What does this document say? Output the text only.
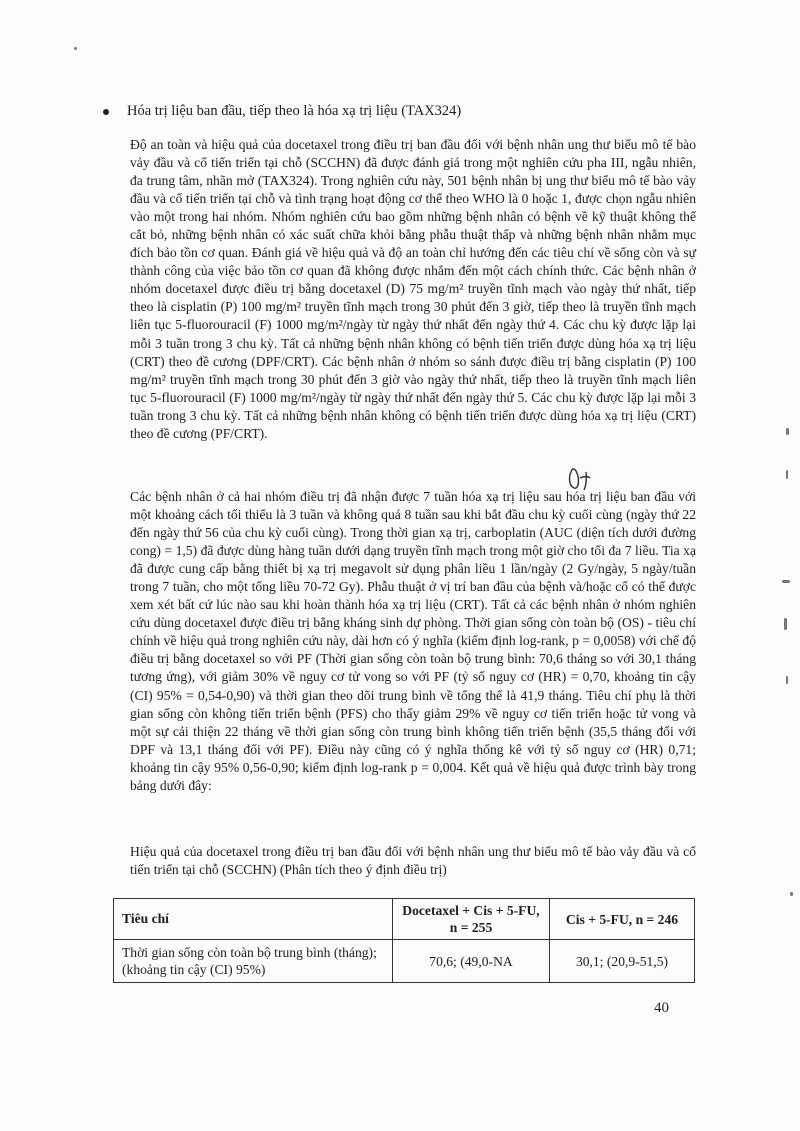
Hóa trị liệu ban đầu, tiếp theo là hóa xạ trị liệu (TAX324)

Độ an toàn và hiệu quả của docetaxel trong điều trị ban đầu đối với bệnh nhân ung thư biểu mô tế bào vảy đầu và cổ tiến triển tại chỗ (SCCHN) đã được đánh giá trong một nghiên cứu pha III, ngẫu nhiên, đa trung tâm, nhãn mở (TAX324). Trong nghiên cứu này, 501 bệnh nhân bị ung thư biểu mô tế bào vảy đầu và cổ tiến triển tại chỗ và tình trạng hoạt động cơ thể theo WHO là 0 hoặc 1, được chọn ngẫu nhiên vào một trong hai nhóm. Nhóm nghiên cứu bao gồm những bệnh nhân có bệnh về kỹ thuật không thể cắt bỏ, những bệnh nhân có xác suất chữa khỏi bằng phẫu thuật thấp và những bệnh nhân nhằm mục đích bảo tồn cơ quan. Đánh giá về hiệu quả và độ an toàn chỉ hướng đến các tiêu chí về sống còn và sự thành công của việc bảo tồn cơ quan đã không được nhắm đến một cách chính thức. Các bệnh nhân ở nhóm docetaxel được điều trị bằng docetaxel (D) 75 mg/m² truyền tĩnh mạch vào ngày thứ nhất, tiếp theo là cisplatin (P) 100 mg/m² truyền tĩnh mạch trong 30 phút đến 3 giờ, tiếp theo là truyền tĩnh mạch liên tục 5-fluorouracil (F) 1000 mg/m²/ngày từ ngày thứ nhất đến ngày thứ 4. Các chu kỳ được lặp lại mỗi 3 tuần trong 3 chu kỳ. Tất cả những bệnh nhân không có bệnh tiến triển được dùng hóa xạ trị liệu (CRT) theo đề cương (DPF/CRT). Các bệnh nhân ở nhóm so sánh được điều trị bằng cisplatin (P) 100 mg/m² truyền tĩnh mạch trong 30 phút đến 3 giờ vào ngày thứ nhất, tiếp theo là truyền tĩnh mạch liên tục 5-fluorouracil (F) 1000 mg/m²/ngày từ ngày thứ nhất đến ngày thứ 5. Các chu kỳ được lặp lại mỗi 3 tuần trong 3 chu kỳ. Tất cả những bệnh nhân không có bệnh tiến triển được dùng hóa xạ trị liệu (CRT) theo đề cương (PF/CRT).

Các bệnh nhân ở cả hai nhóm điều trị đã nhận được 7 tuần hóa xạ trị liệu sau hóa trị liệu ban đầu với một khoảng cách tối thiểu là 3 tuần và không quá 8 tuần sau khi bắt đầu chu kỳ cuối cùng (ngày thứ 22 đến ngày thứ 56 của chu kỳ cuối cùng). Trong thời gian xạ trị, carboplatin (AUC (diện tích dưới đường cong) = 1,5) đã được dùng hàng tuần dưới dạng truyền tĩnh mạch trong một giờ cho tối đa 7 liều. Tia xạ đã được cung cấp bằng thiết bị xạ trị megavolt sử dụng phân liều 1 lần/ngày (2 Gy/ngày, 5 ngày/tuần trong 7 tuần, cho một tổng liều 70-72 Gy). Phẫu thuật ở vị trí ban đầu của bệnh và/hoặc cổ có thể được xem xét bất cứ lúc nào sau khi hoàn thành hóa xạ trị liệu (CRT). Tất cả các bệnh nhân ở nhóm nghiên cứu dùng docetaxel được điều trị bằng kháng sinh dự phòng. Thời gian sống còn toàn bộ (OS) - tiêu chí chính về hiệu quả trong nghiên cứu này, dài hơn có ý nghĩa (kiểm định log-rank, p = 0,0058) với chế độ điều trị bằng docetaxel so với PF (Thời gian sống còn toàn bộ trung bình: 70,6 tháng so với 30,1 tháng tương ứng), với giảm 30% về nguy cơ tử vong so với PF (tỷ số nguy cơ (HR) = 0,70, khoảng tin cậy (CI) 95% = 0,54-0,90) và thời gian theo dõi trung bình về tổng thể là 41,9 tháng. Tiêu chí phụ là thời gian sống còn không tiến triển bệnh (PFS) cho thấy giảm 29% về nguy cơ tiến triển hoặc tử vong và một sự cải thiện 22 tháng về thời gian sống còn trung bình không tiến triển bệnh (35,5 tháng đối với DPF và 13,1 tháng đối với PF). Điều này cũng có ý nghĩa thống kê với tỷ số nguy cơ (HR) 0,71; khoảng tin cậy 95% 0,56-0,90; kiểm định log-rank p = 0,004. Kết quả về hiệu quả được trình bày trong bảng dưới đây:

Hiệu quả của docetaxel trong điều trị ban đầu đối với bệnh nhân ung thư biểu mô tế bào vảy đầu và cổ tiến triển tại chỗ (SCCHN) (Phân tích theo ý định điều trị)

Tiêu chí	Docetaxel + Cis + 5-FU, n = 255	Cis + 5-FU, n = 246
Thời gian sống còn toàn bộ trung bình (tháng); (khoảng tin cậy (CI) 95%)	70,6; (49,0-NA	30,1; (20,9-51,5)
40
